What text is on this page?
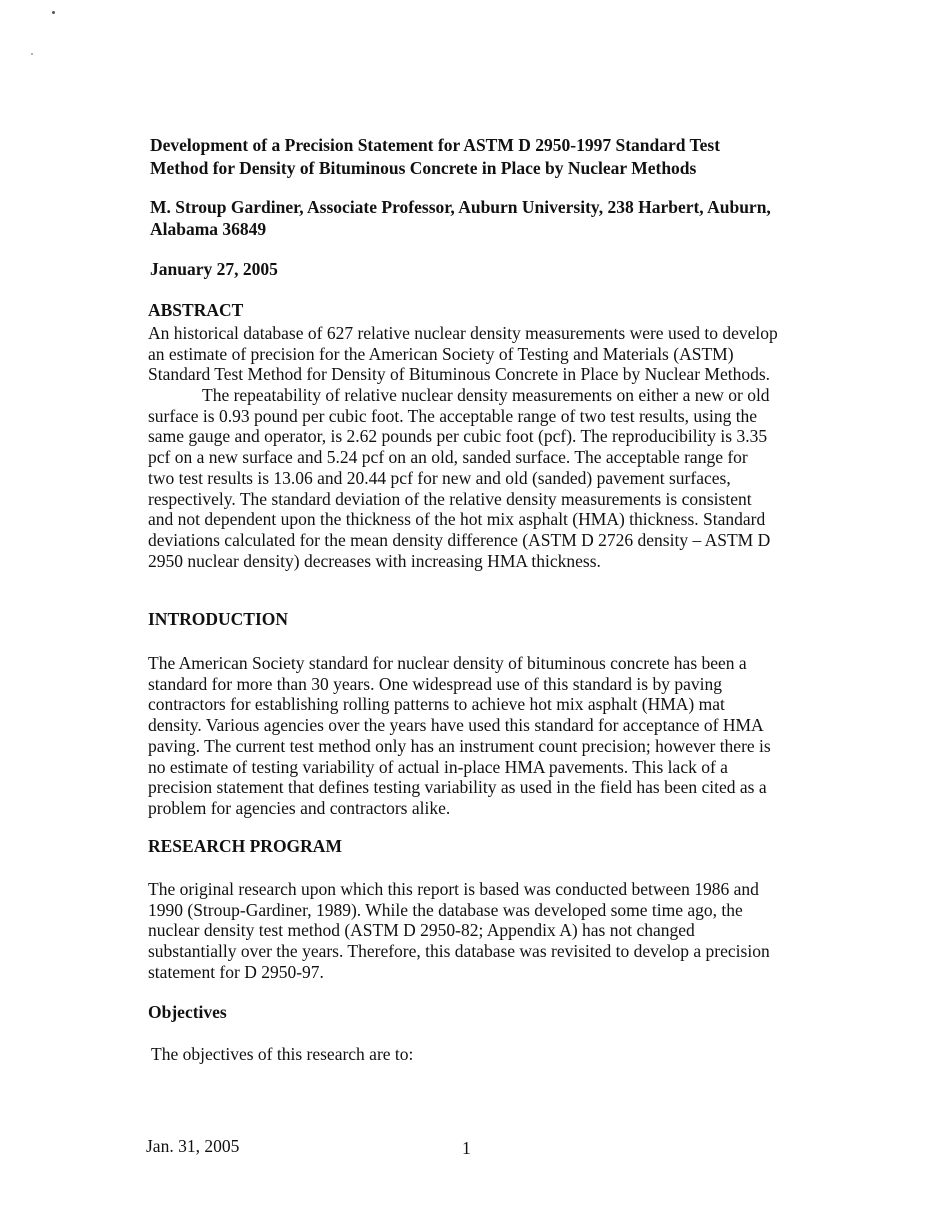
Development of a Precision Statement for ASTM D 2950-1997 Standard Test
Method for Density of Bituminous Concrete in Place by Nuclear Methods
M. Stroup Gardiner, Associate Professor, Auburn University, 238 Harbert, Auburn,
Alabama 36849
January 27, 2005
ABSTRACT
An historical database of 627 relative nuclear density measurements were used to develop
an estimate of precision for the American Society of Testing and Materials (ASTM)
Standard Test Method for Density of Bituminous Concrete in Place by Nuclear Methods.
The repeatability of relative nuclear density measurements on either a new or old
surface is 0.93 pound per cubic foot. The acceptable range of two test results, using the
same gauge and operator, is 2.62 pounds per cubic foot (pcf). The reproducibility is 3.35
pcf on a new surface and 5.24 pcf on an old, sanded surface. The acceptable range for
two test results is 13.06 and 20.44 pcf for new and old (sanded) pavement surfaces,
respectively. The standard deviation of the relative density measurements is consistent
and not dependent upon the thickness of the hot mix asphalt (HMA) thickness. Standard
deviations calculated for the mean density difference (ASTM D 2726 density – ASTM D
2950 nuclear density) decreases with increasing HMA thickness.
INTRODUCTION
The American Society standard for nuclear density of bituminous concrete has been a
standard for more than 30 years. One widespread use of this standard is by paving
contractors for establishing rolling patterns to achieve hot mix asphalt (HMA) mat
density. Various agencies over the years have used this standard for acceptance of HMA
paving. The current test method only has an instrument count precision; however there is
no estimate of testing variability of actual in-place HMA pavements. This lack of a
precision statement that defines testing variability as used in the field has been cited as a
problem for agencies and contractors alike.
RESEARCH PROGRAM
The original research upon which this report is based was conducted between 1986 and
1990 (Stroup-Gardiner, 1989). While the database was developed some time ago, the
nuclear density test method (ASTM D 2950-82; Appendix A) has not changed
substantially over the years. Therefore, this database was revisited to develop a precision
statement for D 2950-97.
Objectives
The objectives of this research are to:
Jan. 31, 2005	1
